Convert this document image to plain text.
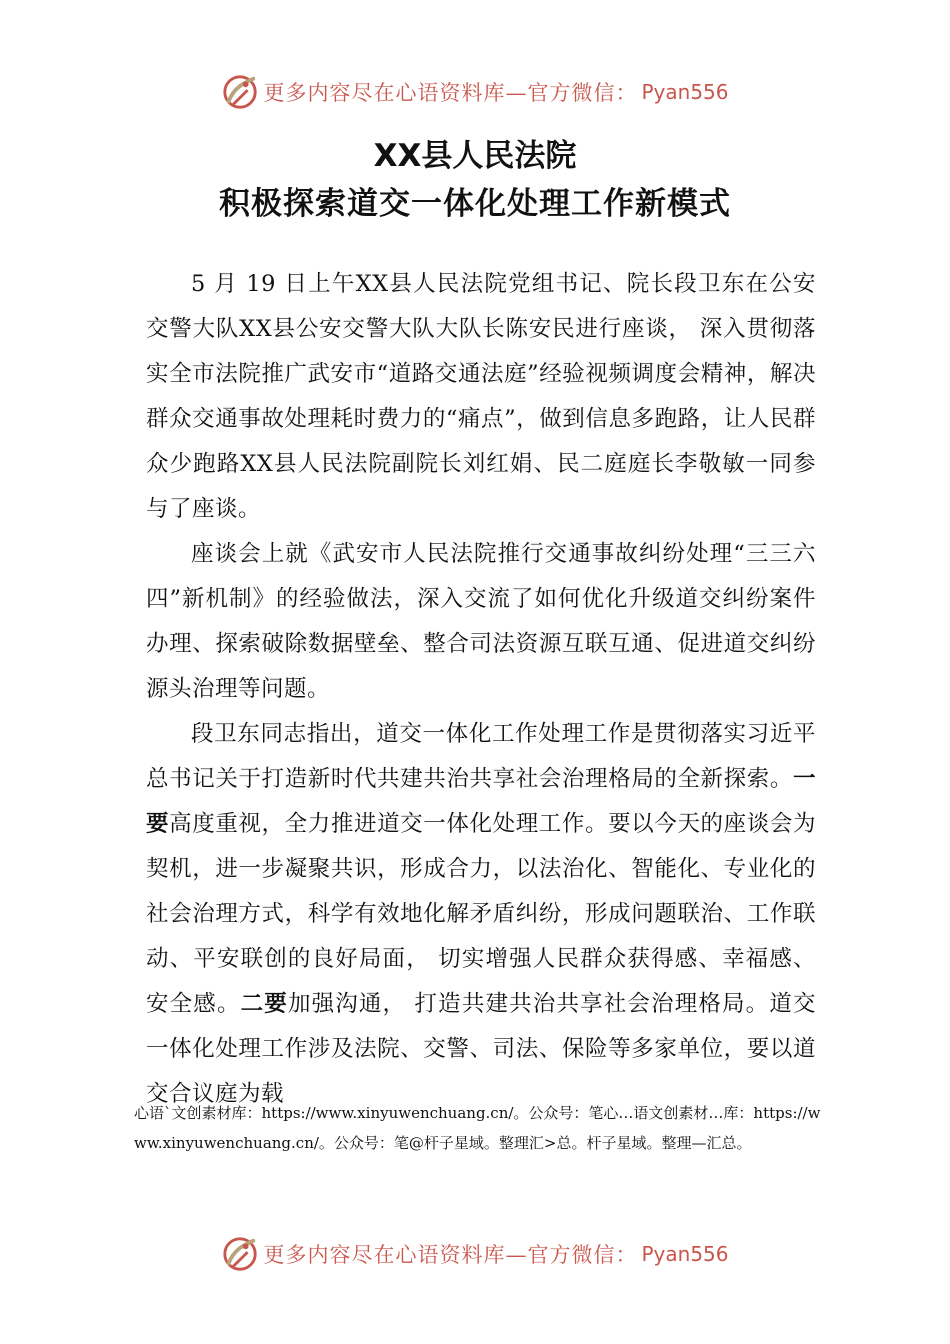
更多内容尽在心语资料库—官方微信： Pyan556
XX县人民法院
积极探索道交一体化处理工作新模式

5 月 19 日上午XX县人民法院党组书记、院长段卫东在公安交警大队XX县公安交警大队大队长陈安民进行座谈， 深入贯彻落实全市法院推广武安市“道路交通法庭”经验视频调度会精神，解决群众交通事故处理耗时费力的“痛点”，做到信息多跑路，让人民群众少跑路XX县人民法院副院长刘红娟、民二庭庭长李敬敏一同参与了座谈。

座谈会上就《武安市人民法院推行交通事故纠纷处理“三三六四”新机制》的经验做法，深入交流了如何优化升级道交纠纷案件办理、探索破除数据壁垒、整合司法资源互联互通、促进道交纠纷源头治理等问题。

段卫东同志指出，道交一体化工作处理工作是贯彻落实习近平总书记关于打造新时代共建共治共享社会治理格局的全新探索。一要高度重视，全力推进道交一体化处理工作。要以今天的座谈会为契机，进一步凝聚共识，形成合力，以法治化、智能化、专业化的社会治理方式，科学有效地化解矛盾纠纷，形成问题联治、工作联动、平安联创的良好局面， 切实增强人民群众获得感、幸福感、安全感。二要加强沟通， 打造共建共治共享社会治理格局。道交一体化处理工作涉及法院、交警、司法、保险等多家单位，要以道交合议庭为载

心语`文创素材库：https://www.xinyuwenchuang.cn/。公众号：笔心…语文创素材…库：https://www.xinyuwenchuang.cn/。公众号：笔@杆子星域。整理汇>总。杆子星域。整理—汇总。
更多内容尽在心语资料库—官方微信： Pyan556
